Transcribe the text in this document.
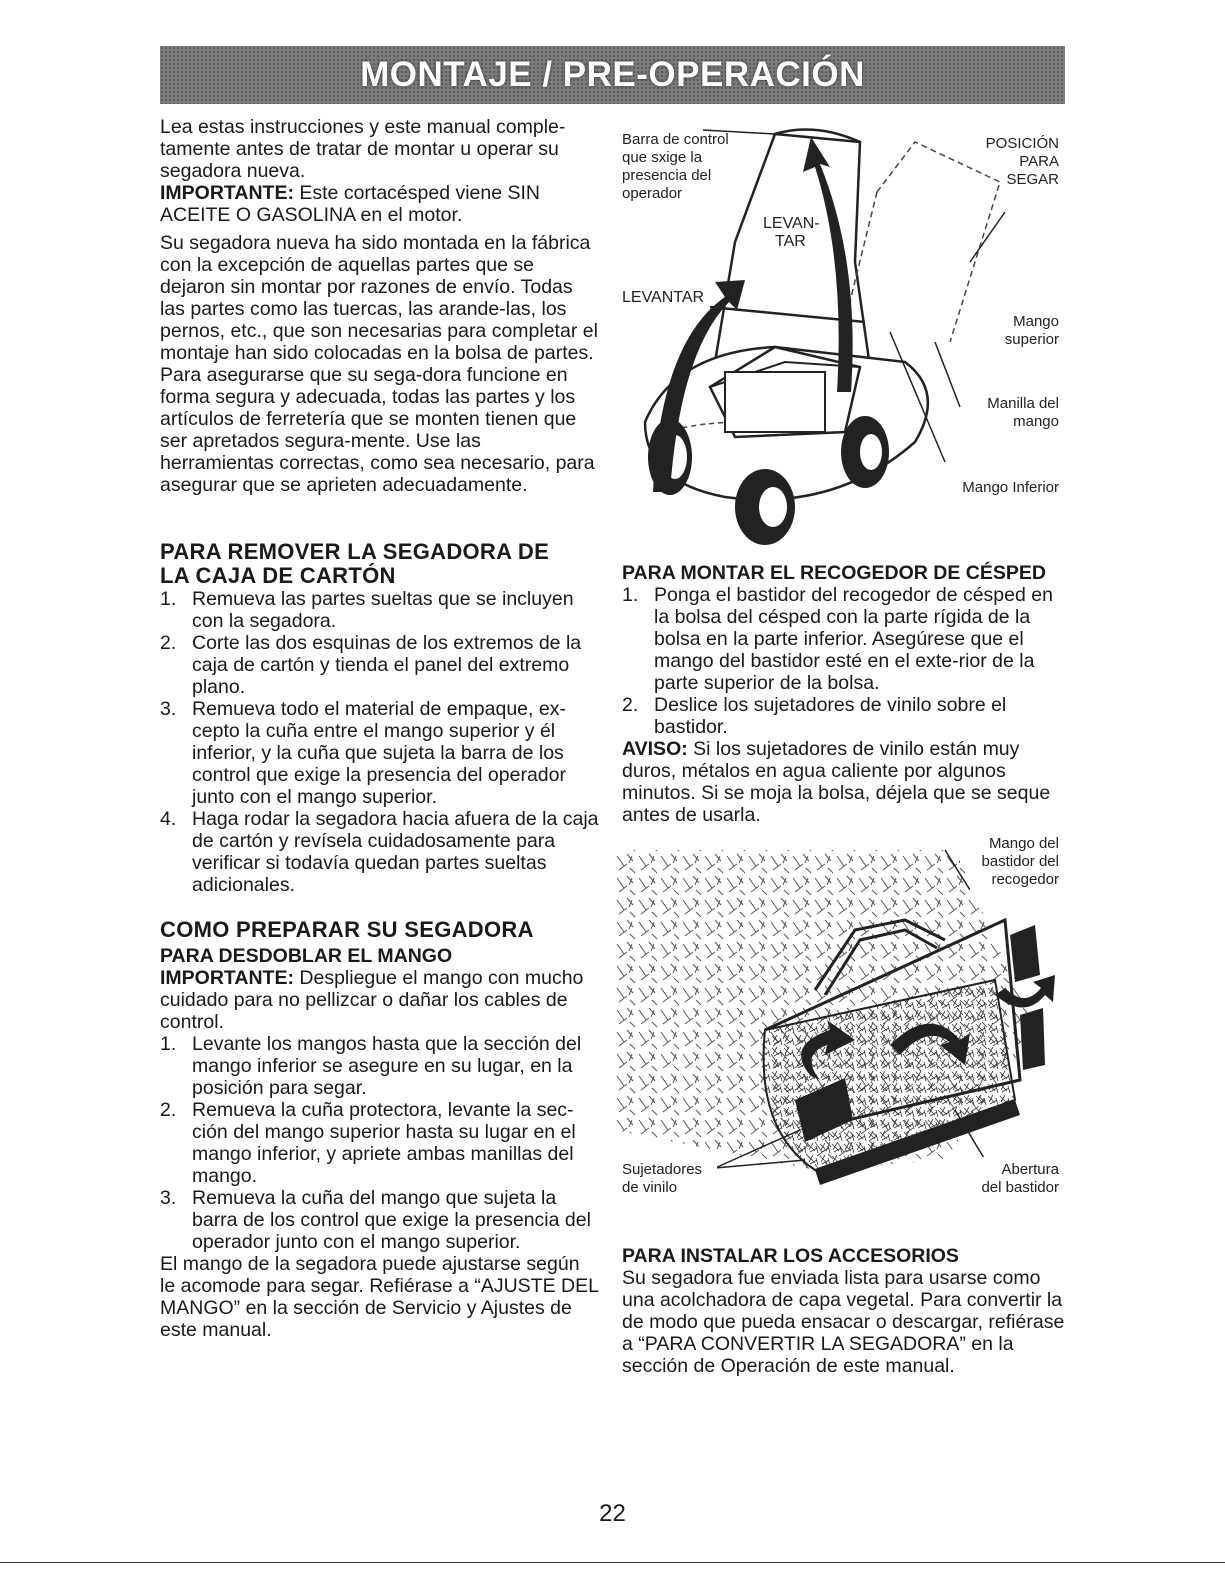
MONTAJE / PRE-OPERACIÓN

Lea estas instrucciones y este manual comple-tamente antes de tratar de montar u operar su segadora nueva.

IMPORTANTE: Este cortacésped viene SIN ACEITE O GASOLINA en el motor.

Su segadora nueva ha sido montada en la fábrica con la excepción de aquellas partes que se dejaron sin montar por razones de envío. Todas las partes como las tuercas, las arande-las, los pernos, etc., que son necesarias para completar el montaje han sido colocadas en la bolsa de partes. Para asegurarse que su sega-dora funcione en forma segura y adecuada, todas las partes y los artículos de ferretería que se monten tienen que ser apretados segura-mente. Use las herramientas correctas, como sea necesario, para asegurar que se aprieten adecuadamente.

PARA REMOVER LA SEGADORA DE
LA CAJA DE CARTÓN
1. Remueva las partes sueltas que se incluyen con la segadora.
2. Corte las dos esquinas de los extremos de la caja de cartón y tienda el panel del extremo plano.
3. Remueva todo el material de empaque, ex-cepto la cuña entre el mango superior y él inferior, y la cuña que sujeta la barra de los control que exige la presencia del operador junto con el mango superior.
4. Haga rodar la segadora hacia afuera de la caja de cartón y revísela cuidadosamente para verificar si todavía quedan partes sueltas adicionales.
COMO PREPARAR SU SEGADORA
PARA DESDOBLAR EL MANGO

IMPORTANTE: Despliegue el mango con mucho cuidado para no pellizcar o dañar los cables de control.

1. Levante los mangos hasta que la sección del mango inferior se asegure en su lugar, en la posición para segar.
2. Remueva la cuña protectora, levante la sec-ción del mango superior hasta su lugar en el mango inferior, y apriete ambas manillas del mango.
3. Remueva la cuña del mango que sujeta la barra de los control que exige la presencia del operador junto con el mango superior.

El mango de la segadora puede ajustarse según le acomode para segar. Refiérase a “AJUSTE DEL MANGO” en la sección de Servicio y Ajustes de este manual.

Barra de control
que sxige la
presencia del
operador
POSICIÓN
PARA
SEGAR
LEVAN-
TAR
LEVANTAR
Mango
superior
Manilla del
mango
Mango Inferior
PARA MONTAR EL RECOGEDOR DE CÉSPED
1. Ponga el bastidor del recogedor de césped en la bolsa del césped con la parte rígida de la bolsa en la parte inferior. Asegúrese que el mango del bastidor esté en el exte-rior de la parte superior de la bolsa.
2. Deslice los sujetadores de vinilo sobre el bastidor.

AVISO: Si los sujetadores de vinilo están muy duros, métalos en agua caliente por algunos minutos. Si se moja la bolsa, déjela que se seque antes de usarla.

Mango del
bastidor del
recogedor
Sujetadores
de vinilo
Abertura
del bastidor
PARA INSTALAR LOS ACCESORIOS

Su segadora fue enviada lista para usarse como una acolchadora de capa vegetal. Para convertir la de modo que pueda ensacar o descargar, refiérase a “PARA CONVERTIR LA SEGADORA” en la sección de Operación de este manual.

22
